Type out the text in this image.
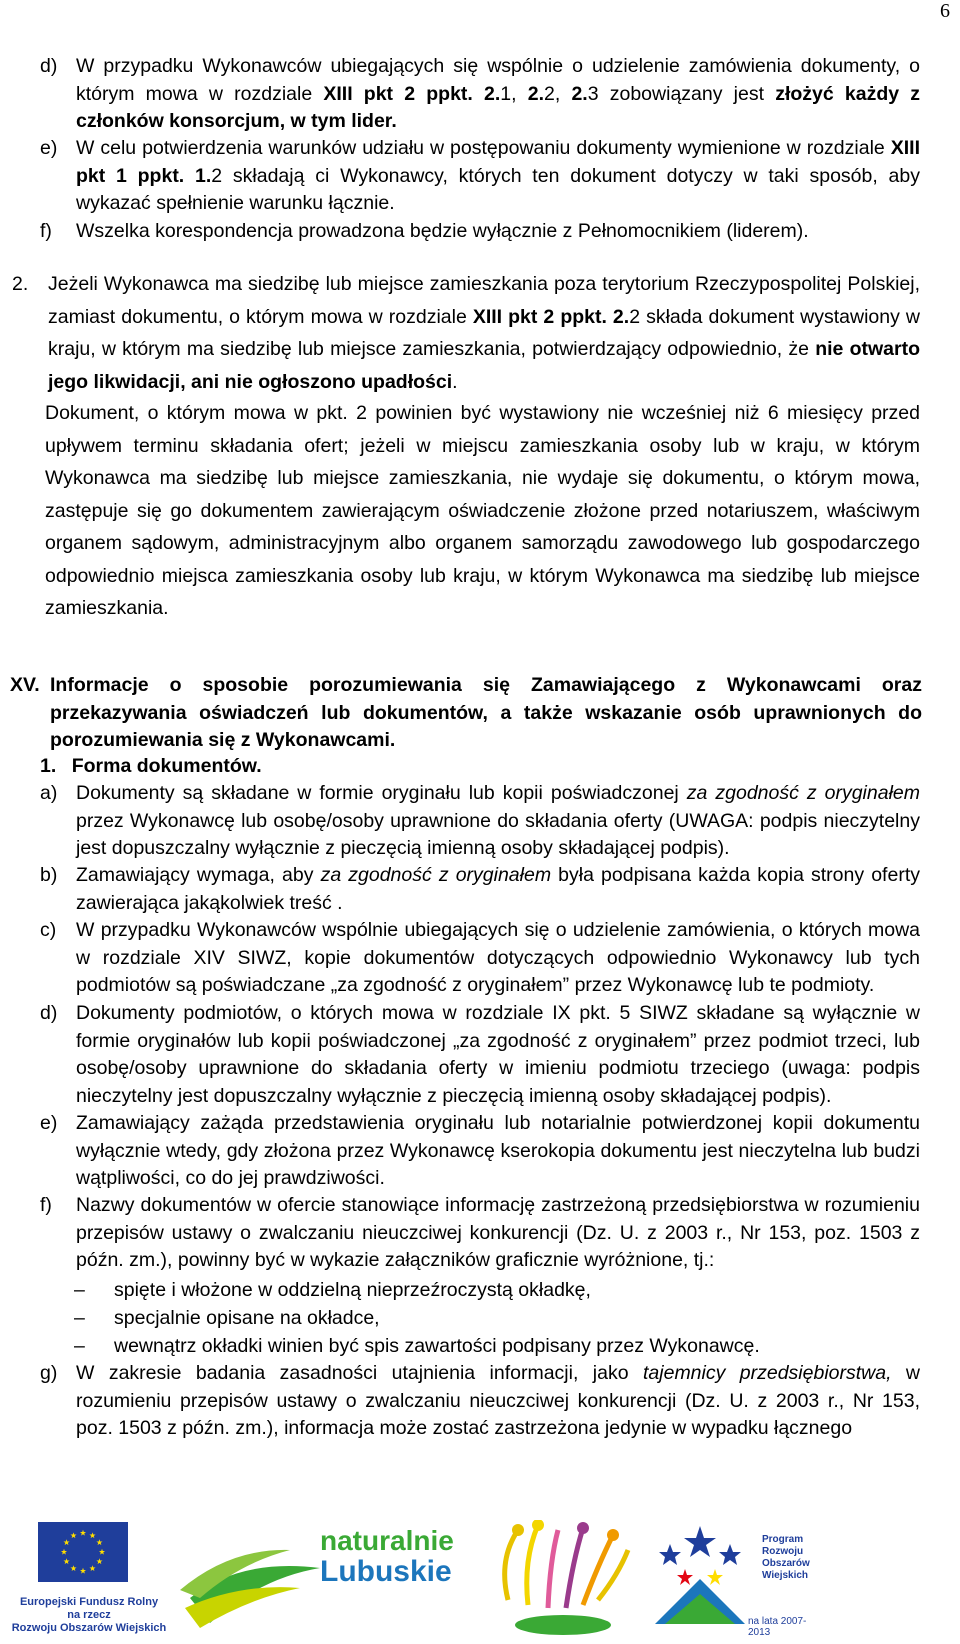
6
d) W przypadku Wykonawców ubiegających się wspólnie o udzielenie zamówienia dokumenty, o którym mowa w rozdziale XIII pkt 2 ppkt. 2.1, 2.2, 2.3 zobowiązany jest złożyć każdy z członków konsorcjum, w tym lider.
e) W celu potwierdzenia warunków udziału w postępowaniu dokumenty wymienione w rozdziale XIII pkt 1 ppkt. 1.2 składają ci Wykonawcy, których ten dokument dotyczy w taki sposób, aby wykazać spełnienie warunku łącznie.
f) Wszelka korespondencja prowadzona będzie wyłącznie z Pełnomocnikiem (liderem).
2. Jeżeli Wykonawca ma siedzibę lub miejsce zamieszkania poza terytorium Rzeczypospolitej Polskiej, zamiast dokumentu, o którym mowa w rozdziale XIII pkt 2 ppkt. 2.2 składa dokument wystawiony w kraju, w którym ma siedzibę lub miejsce zamieszkania, potwierdzający odpowiednio, że nie otwarto jego likwidacji, ani nie ogłoszono upadłości.
Dokument, o którym mowa w pkt. 2 powinien być wystawiony nie wcześniej niż 6 miesięcy przed upływem terminu składania ofert; jeżeli w miejscu zamieszkania osoby lub w kraju, w którym Wykonawca ma siedzibę lub miejsce zamieszkania, nie wydaje się dokumentu, o którym mowa, zastępuje się go dokumentem zawierającym oświadczenie złożone przed notariuszem, właściwym organem sądowym, administracyjnym albo organem samorządu zawodowego lub gospodarczego odpowiednio miejsca zamieszkania osoby lub kraju, w którym Wykonawca ma siedzibę lub miejsce zamieszkania.
XV. Informacje o sposobie porozumiewania się Zamawiającego z Wykonawcami oraz przekazywania oświadczeń lub dokumentów, a także wskazanie osób uprawnionych do porozumiewania się z Wykonawcami.
1. Forma dokumentów.
a) Dokumenty są składane w formie oryginału lub kopii poświadczonej za zgodność z oryginałem przez Wykonawcę lub osobę/osoby uprawnione do składania oferty (UWAGA: podpis nieczytelny jest dopuszczalny wyłącznie z pieczęcią imienną osoby składającej podpis).
b) Zamawiający wymaga, aby za zgodność z oryginałem była podpisana każda kopia strony oferty zawierająca jakąkolwiek treść .
c) W przypadku Wykonawców wspólnie ubiegających się o udzielenie zamówienia, o których mowa w rozdziale XIV SIWZ, kopie dokumentów dotyczących odpowiednio Wykonawcy lub tych podmiotów są poświadczane „za zgodność z oryginałem” przez Wykonawcę lub te podmioty.
d) Dokumenty podmiotów, o których mowa w rozdziale IX pkt. 5 SIWZ składane są wyłącznie w formie oryginałów lub kopii poświadczonej „za zgodność z oryginałem” przez podmiot trzeci, lub osobę/osoby uprawnione do składania oferty w imieniu podmiotu trzeciego (uwaga: podpis nieczytelny jest dopuszczalny wyłącznie z pieczęcią imienną osoby składającej podpis).
e) Zamawiający zażąda przedstawienia oryginału lub notarialnie potwierdzonej kopii dokumentu wyłącznie wtedy, gdy złożona przez Wykonawcę kserokopia dokumentu jest nieczytelna lub budzi wątpliwości, co do jej prawdziwości.
f) Nazwy dokumentów w ofercie stanowiące informację zastrzeżoną przedsiębiorstwa w rozumieniu przepisów ustawy o zwalczaniu nieuczciwej konkurencji (Dz. U. z 2003 r., Nr 153, poz. 1503 z późn. zm.), powinny być w wykazie załączników graficznie wyróżnione, tj.:
– spięte i włożone w oddzielną nieprzeźroczystą okładkę,
– specjalnie opisane na okładce,
– wewnątrz okładki winien być spis zawartości podpisany przez Wykonawcę.
g) W zakresie badania zasadności utajnienia informacji, jako tajemnicy przedsiębiorstwa, w rozumieniu przepisów ustawy o zwalczaniu nieuczciwej konkurencji (Dz. U. z 2003 r., Nr 153, poz. 1503 z późn. zm.), informacja może zostać zastrzeżona jedynie w wypadku łącznego
Europejski Fundusz Rolny
na rzecz
Rozwoju Obszarów Wiejskich
naturalnie
Lubuskie
Program
Rozwoju
Obszarów
Wiejskich
na lata 2007-2013
